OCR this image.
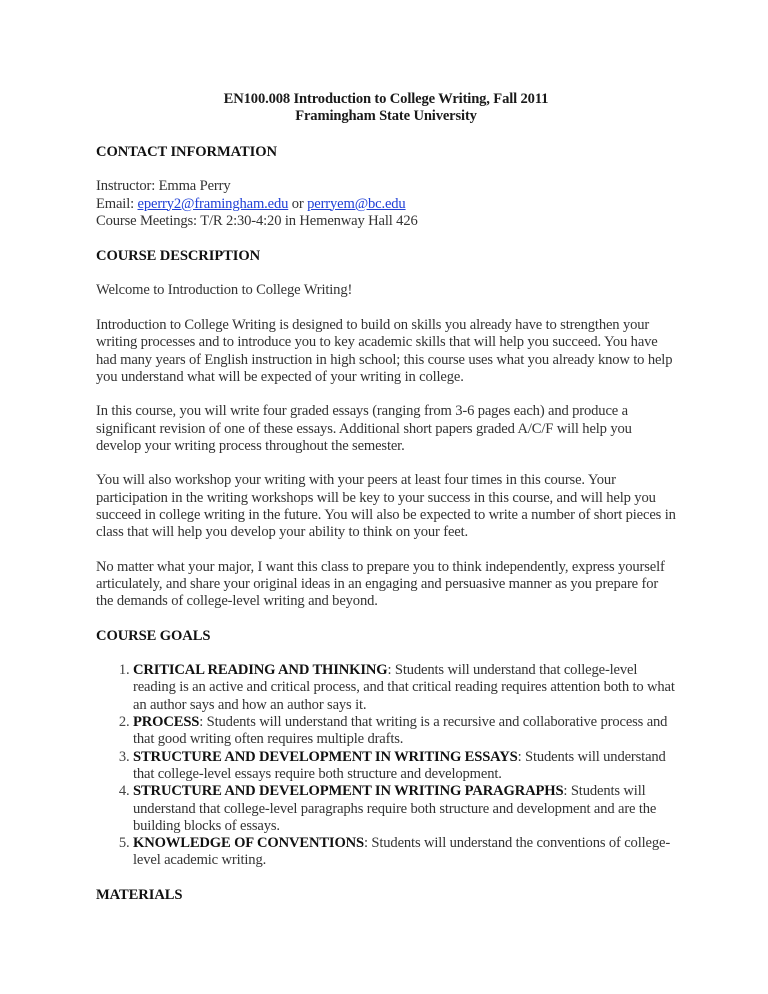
EN100.008 Introduction to College Writing, Fall 2011
Framingham State University
CONTACT INFORMATION

Instructor: Emma Perry

Email: eperry2@framingham.edu or perryem@bc.edu

Course Meetings: T/R 2:30-4:20 in Hemenway Hall 426

COURSE DESCRIPTION

Welcome to Introduction to College Writing!

Introduction to College Writing is designed to build on skills you already have to strengthen your writing processes and to introduce you to key academic skills that will help you succeed. You have had many years of English instruction in high school; this course uses what you already know to help you understand what will be expected of your writing in college.

In this course, you will write four graded essays (ranging from 3-6 pages each) and produce a significant revision of one of these essays. Additional short papers graded A/C/F will help you develop your writing process throughout the semester.

You will also workshop your writing with your peers at least four times in this course. Your participation in the writing workshops will be key to your success in this course, and will help you succeed in college writing in the future. You will also be expected to write a number of short pieces in class that will help you develop your ability to think on your feet.

No matter what your major, I want this class to prepare you to think independently, express yourself articulately, and share your original ideas in an engaging and persuasive manner as you prepare for the demands of college-level writing and beyond.

COURSE GOALS
1. CRITICAL READING AND THINKING: Students will understand that college-level reading is an active and critical process, and that critical reading requires attention both to what an author says and how an author says it.
2. PROCESS: Students will understand that writing is a recursive and collaborative process and that good writing often requires multiple drafts.
3. STRUCTURE AND DEVELOPMENT IN WRITING ESSAYS: Students will understand that college-level essays require both structure and development.
4. STRUCTURE AND DEVELOPMENT IN WRITING PARAGRAPHS: Students will understand that college-level paragraphs require both structure and development and are the building blocks of essays.
5. KNOWLEDGE OF CONVENTIONS: Students will understand the conventions of college-level academic writing.
MATERIALS
